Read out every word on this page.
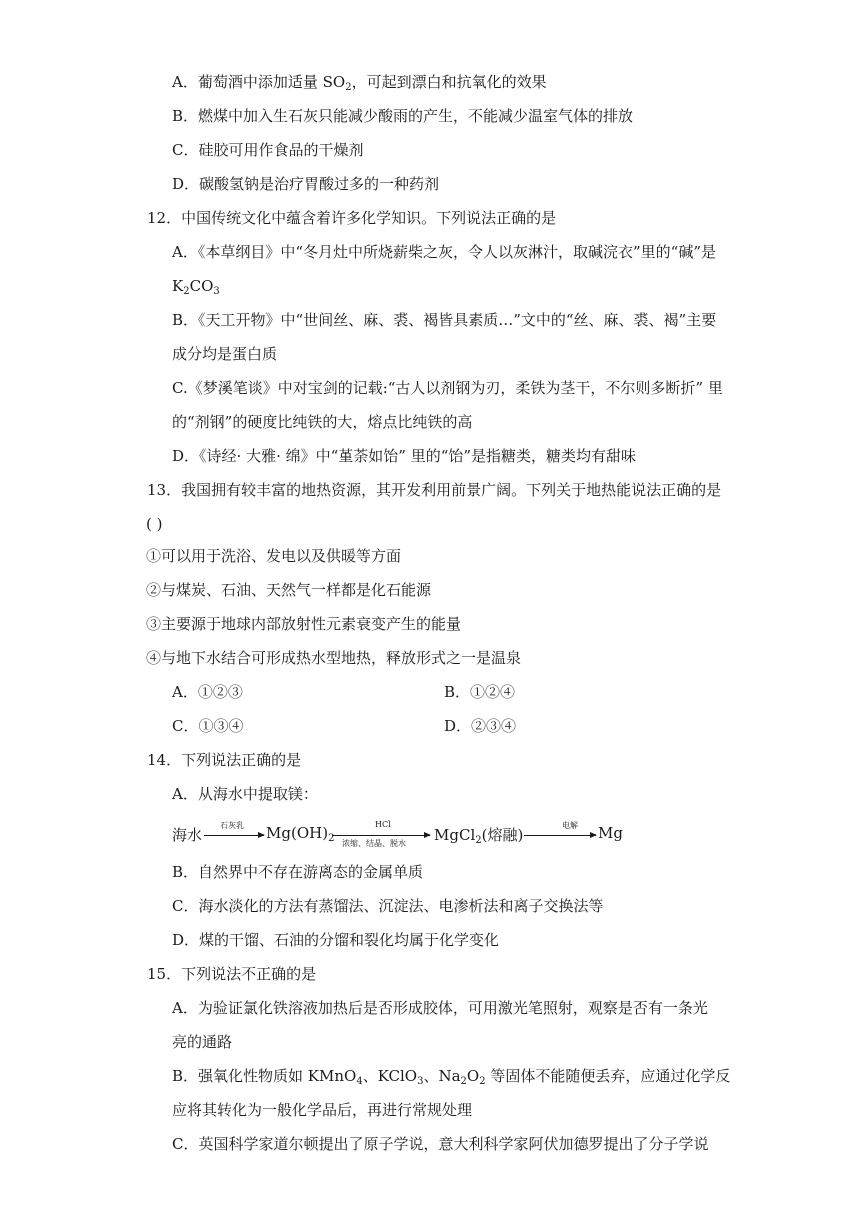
A．葡萄酒中添加适量 $SO_2$，可起到漂白和抗氧化的效果
B．燃煤中加入生石灰只能减少酸雨的产生，不能减少温室气体的排放
C．硅胶可用作食品的干燥剂
D．碳酸氢钠是治疗胃酸过多的一种药剂
12．中国传统文化中蕴含着许多化学知识。下列说法正确的是
A．《本草纲目》中“冬月灶中所烧薪柴之灰，令人以灰淋汁，取碱浣衣”里的“碱”是
$K_2CO_3$
B．《天工开物》中“世间丝、麻、裘、褐皆具素质…”文中的“丝、麻、裘、褐”主要
成分均是蛋白质
C.《梦溪笔谈》中对宝剑的记载:“古人以剂钢为刃，柔铁为茎干，不尔则多断折” 里
的“剂钢”的硬度比纯铁的大，熔点比纯铁的高
D．《诗经· 大雅· 绵》中“堇荼如饴” 里的“饴”是指糖类，糖类均有甜味
13．我国拥有较丰富的地热资源，其开发利用前景广阔。下列关于地热能说法正确的是
( )
①可以用于洗浴、发电以及供暖等方面
②与煤炭、石油、天然气一样都是化石能源
③主要源于地球内部放射性元素衰变产生的能量
④与地下水结合可形成热水型地热，释放形式之一是温泉
A．①②③	B．①②④
C．①③④	D．②③④
14．下列说法正确的是
A．从海水中提取镁：
海水
石灰乳 $Mg(OH)_2$
HCl
浓缩、结晶、脱水 MgCl$_2$(熔融)
电解 Mg
B．自然界中不存在游离态的金属单质
C．海水淡化的方法有蒸馏法、沉淀法、电渗析法和离子交换法等
D．煤的干馏、石油的分馏和裂化均属于化学变化
15．下列说法不正确的是
A．为验证氯化铁溶液加热后是否形成胶体，可用激光笔照射，观察是否有一条光
亮的通路
B．强氧化性物质如 KMnO$_4$、KClO$_3$、$Na_2O_2$ 等固体不能随便丢弃，应通过化学反
应将其转化为一般化学品后，再进行常规处理
C．英国科学家道尔顿提出了原子学说，意大利科学家阿伏加德罗提出了分子学说
